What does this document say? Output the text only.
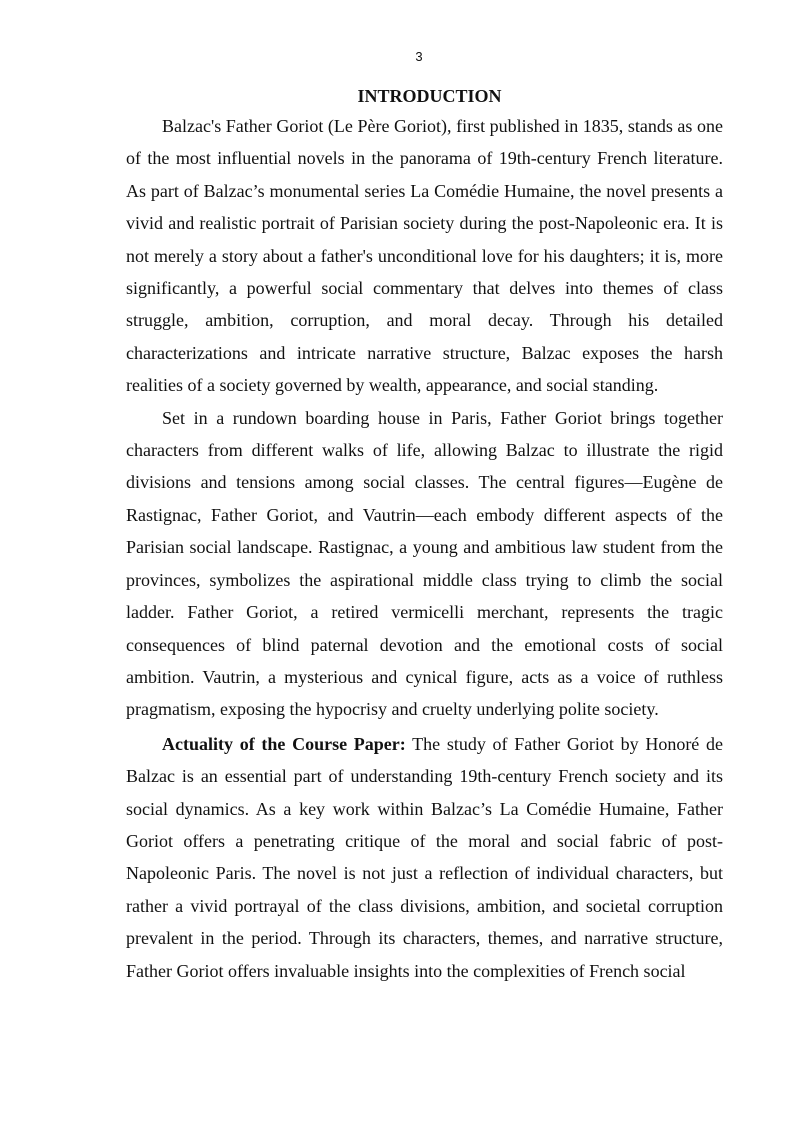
3
INTRODUCTION

Balzac's Father Goriot (Le Père Goriot), first published in 1835, stands as one of the most influential novels in the panorama of 19th-century French literature. As part of Balzac’s monumental series La Comédie Humaine, the novel presents a vivid and realistic portrait of Parisian society during the post-Napoleonic era. It is not merely a story about a father's unconditional love for his daughters; it is, more significantly, a powerful social commentary that delves into themes of class struggle, ambition, corruption, and moral decay. Through his detailed characterizations and intricate narrative structure, Balzac exposes the harsh realities of a society governed by wealth, appearance, and social standing.

Set in a rundown boarding house in Paris, Father Goriot brings together characters from different walks of life, allowing Balzac to illustrate the rigid divisions and tensions among social classes. The central figures—Eugène de Rastignac, Father Goriot, and Vautrin—each embody different aspects of the Parisian social landscape. Rastignac, a young and ambitious law student from the provinces, symbolizes the aspirational middle class trying to climb the social ladder. Father Goriot, a retired vermicelli merchant, represents the tragic consequences of blind paternal devotion and the emotional costs of social ambition. Vautrin, a mysterious and cynical figure, acts as a voice of ruthless pragmatism, exposing the hypocrisy and cruelty underlying polite society.

Actuality of the Course Paper: The study of Father Goriot by Honoré de Balzac is an essential part of understanding 19th-century French society and its social dynamics. As a key work within Balzac’s La Comédie Humaine, Father Goriot offers a penetrating critique of the moral and social fabric of post-Napoleonic Paris. The novel is not just a reflection of individual characters, but rather a vivid portrayal of the class divisions, ambition, and societal corruption prevalent in the period. Through its characters, themes, and narrative structure, Father Goriot offers invaluable insights into the complexities of French social
